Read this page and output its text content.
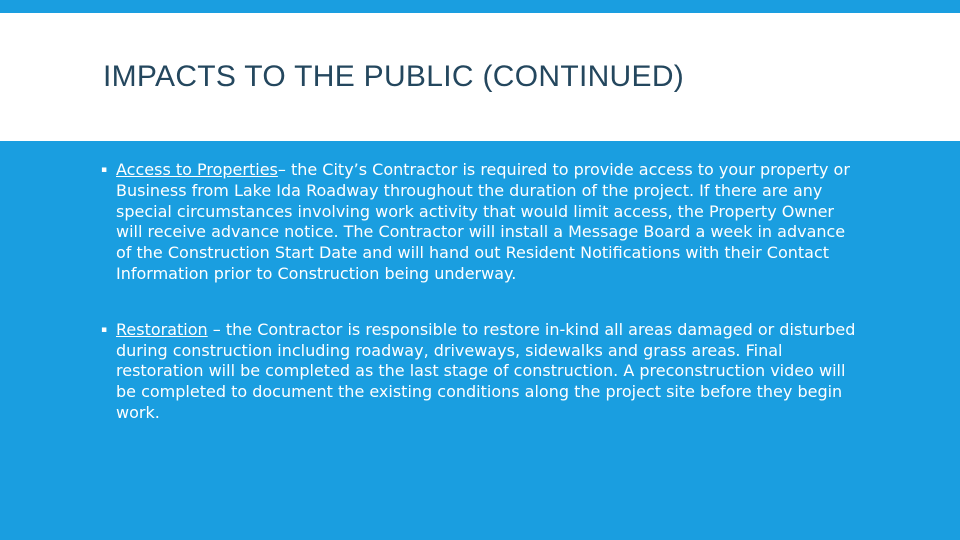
IMPACTS TO THE PUBLIC (CONTINUED)
▪ Access to Properties– the City’s Contractor is required to provide access to your property or Business from Lake Ida Roadway throughout the duration of the project. If there are any special circumstances involving work activity that would limit access, the Property Owner will receive advance notice. The Contractor will install a Message Board a week in advance of the Construction Start Date and will hand out Resident Notifications with their Contact Information prior to Construction being underway.
▪ Restoration – the Contractor is responsible to restore in-kind all areas damaged or disturbed during construction including roadway, driveways, sidewalks and grass areas. Final restoration will be completed as the last stage of construction. A preconstruction video will be completed to document the existing conditions along the project site before they begin work.
